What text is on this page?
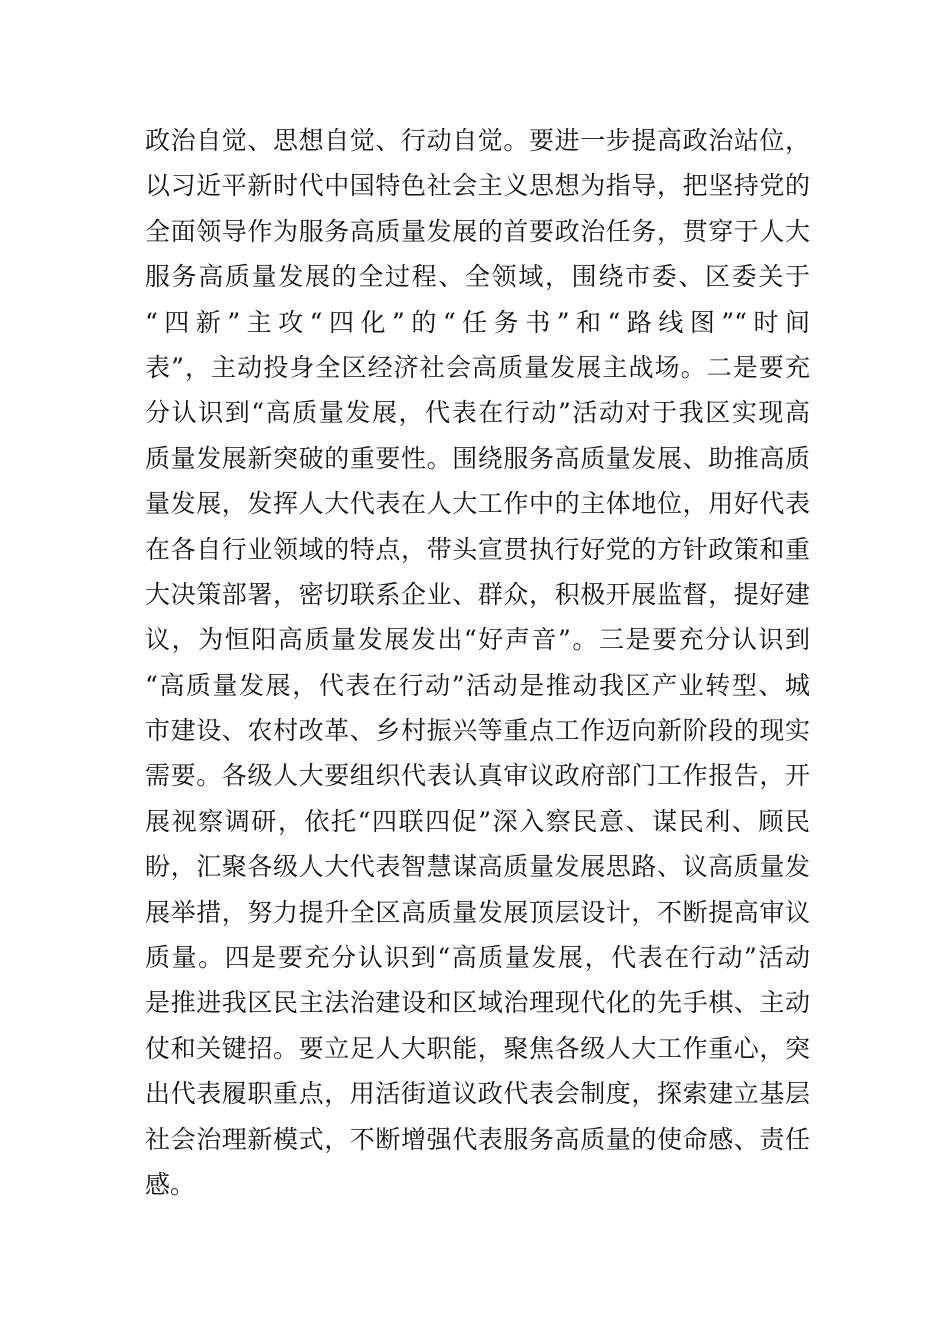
政治自觉、思想自觉、行动自觉。要进一步提高政治站位，
以习近平新时代中国特色社会主义思想为指导，把坚持党的
全面领导作为服务高质量发展的首要政治任务，贯穿于人大
服务高质量发展的全过程、全领域，围绕市委、区委关于
“四新”主攻“四化”的“任务书”和“路线图”“时间
表”，主动投身全区经济社会高质量发展主战场。二是要充
分认识到“高质量发展，代表在行动”活动对于我区实现高
质量发展新突破的重要性。围绕服务高质量发展、助推高质
量发展，发挥人大代表在人大工作中的主体地位，用好代表
在各自行业领域的特点，带头宣贯执行好党的方针政策和重
大决策部署，密切联系企业、群众，积极开展监督，提好建
议，为恒阳高质量发展发出“好声音”。三是要充分认识到
“高质量发展，代表在行动”活动是推动我区产业转型、城
市建设、农村改革、乡村振兴等重点工作迈向新阶段的现实
需要。各级人大要组织代表认真审议政府部门工作报告，开
展视察调研，依托“四联四促”深入察民意、谋民利、顾民
盼，汇聚各级人大代表智慧谋高质量发展思路、议高质量发
展举措，努力提升全区高质量发展顶层设计，不断提高审议
质量。四是要充分认识到“高质量发展，代表在行动”活动
是推进我区民主法治建设和区域治理现代化的先手棋、主动
仗和关键招。要立足人大职能，聚焦各级人大工作重心，突
出代表履职重点，用活街道议政代表会制度，探索建立基层
社会治理新模式，不断增强代表服务高质量的使命感、责任
感。
